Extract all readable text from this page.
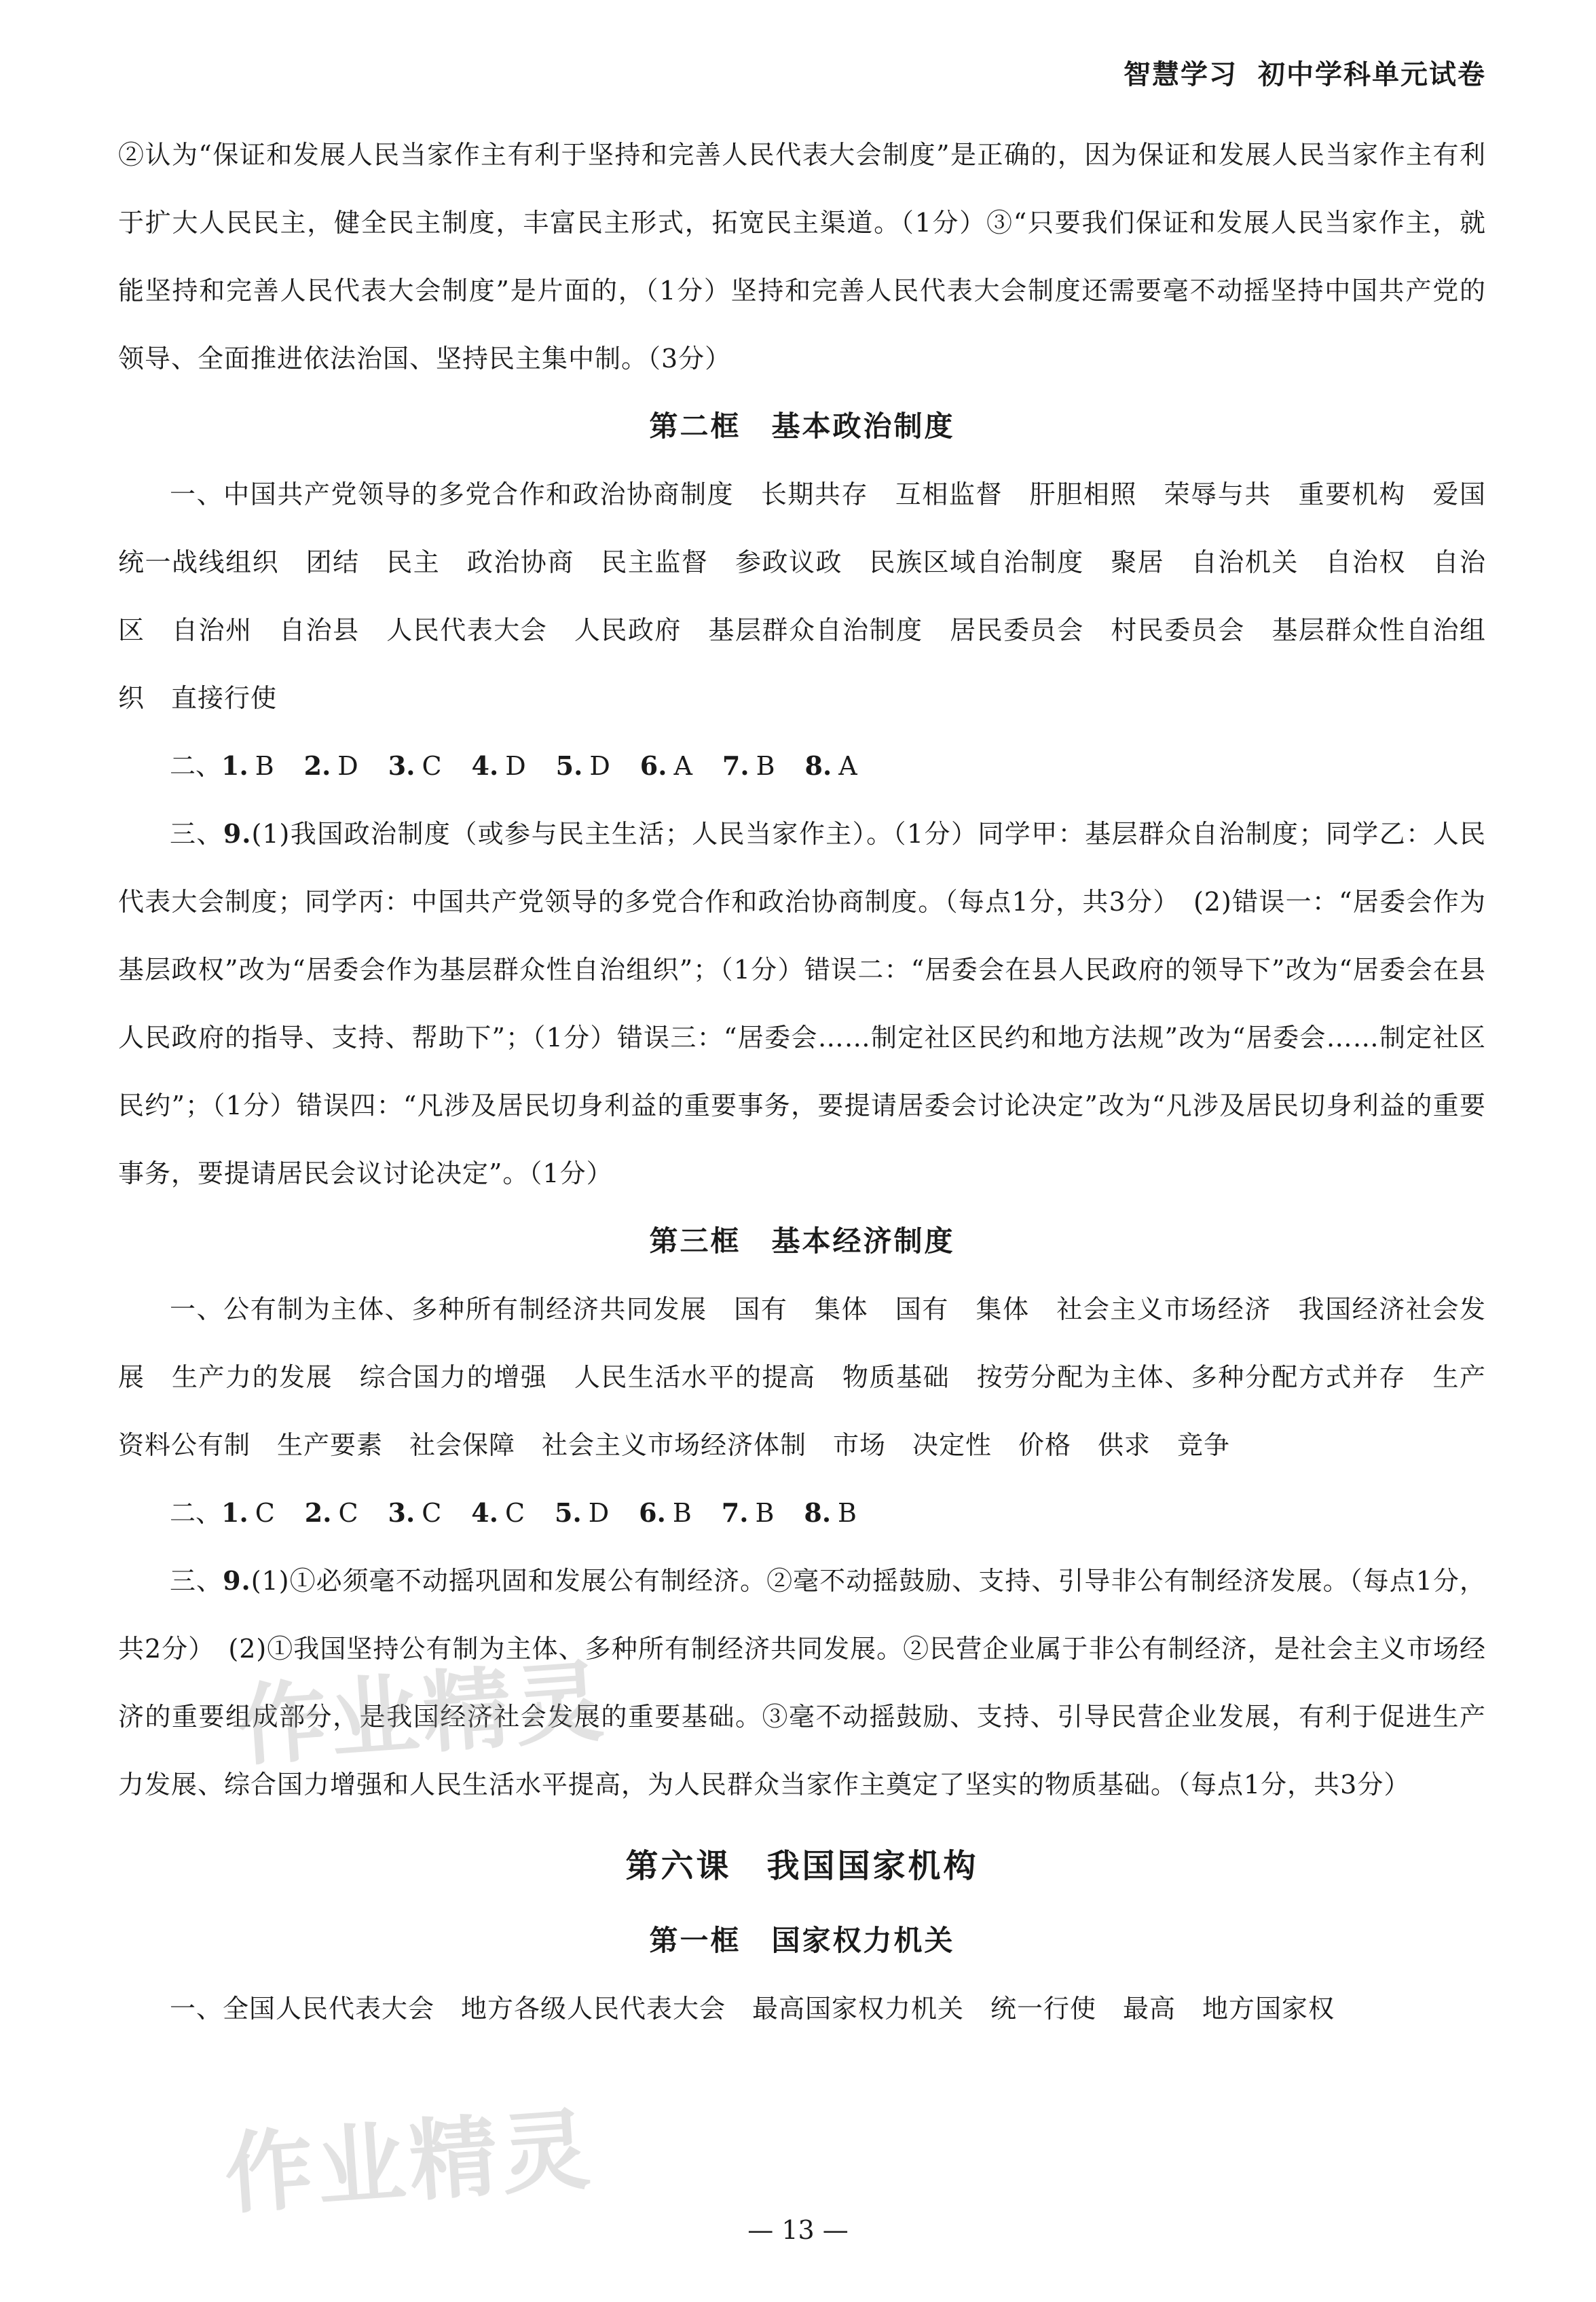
智慧学习 初中学科单元试卷

②认为“保证和发展人民当家作主有利于坚持和完善人民代表大会制度”是正确的，因为保证和发展人民当家作主有利于扩大人民民主，健全民主制度，丰富民主形式，拓宽民主渠道。（1分）③“只要我们保证和发展人民当家作主，就能坚持和完善人民代表大会制度”是片面的，（1分）坚持和完善人民代表大会制度还需要毫不动摇坚持中国共产党的领导、全面推进依法治国、坚持民主集中制。（3分）

第二框　基本政治制度

一、中国共产党领导的多党合作和政治协商制度　长期共存　互相监督　肝胆相照　荣辱与共　重要机构　爱国统一战线组织　团结　民主　政治协商　民主监督　参政议政　民族区域自治制度　聚居　自治机关　自治权　自治区　自治州　自治县　人民代表大会　人民政府　基层群众自治制度　居民委员会　村民委员会　基层群众性自治组织　直接行使

二、1. B 2. D 3. C 4. D 5. D 6. A 7. B 8. A

三、9.(1)我国政治制度（或参与民主生活；人民当家作主）。（1分）同学甲：基层群众自治制度；同学乙：人民代表大会制度；同学丙：中国共产党领导的多党合作和政治协商制度。（每点1分，共3分）　(2)错误一：“居委会作为基层政权”改为“居委会作为基层群众性自治组织”；（1分）错误二：“居委会在县人民政府的领导下”改为“居委会在县人民政府的指导、支持、帮助下”；（1分）错误三：“居委会……制定社区民约和地方法规”改为“居委会……制定社区民约”；（1分）错误四：“凡涉及居民切身利益的重要事务，要提请居委会讨论决定”改为“凡涉及居民切身利益的重要事务，要提请居民会议讨论决定”。（1分）

第三框　基本经济制度

一、公有制为主体、多种所有制经济共同发展　国有　集体　国有　集体　社会主义市场经济　我国经济社会发展　生产力的发展　综合国力的增强　人民生活水平的提高　物质基础　按劳分配为主体、多种分配方式并存　生产资料公有制　生产要素　社会保障　社会主义市场经济体制　市场　决定性　价格　供求　竞争

二、1. C 2. C 3. C 4. C 5. D 6. B 7. B 8. B

三、9.(1)①必须毫不动摇巩固和发展公有制经济。②毫不动摇鼓励、支持、引导非公有制经济发展。（每点1分，共2分）　(2)①我国坚持公有制为主体、多种所有制经济共同发展。②民营企业属于非公有制经济，是社会主义市场经济的重要组成部分，是我国经济社会发展的重要基础。③毫不动摇鼓励、支持、引导民营企业发展，有利于促进生产力发展、综合国力增强和人民生活水平提高，为人民群众当家作主奠定了坚实的物质基础。（每点1分，共3分）

第六课　我国国家机构
第一框　国家权力机关

一、全国人民代表大会　地方各级人民代表大会　最高国家权力机关　统一行使　最高　地方国家权

作业精灵
作业精灵
— 13 —
